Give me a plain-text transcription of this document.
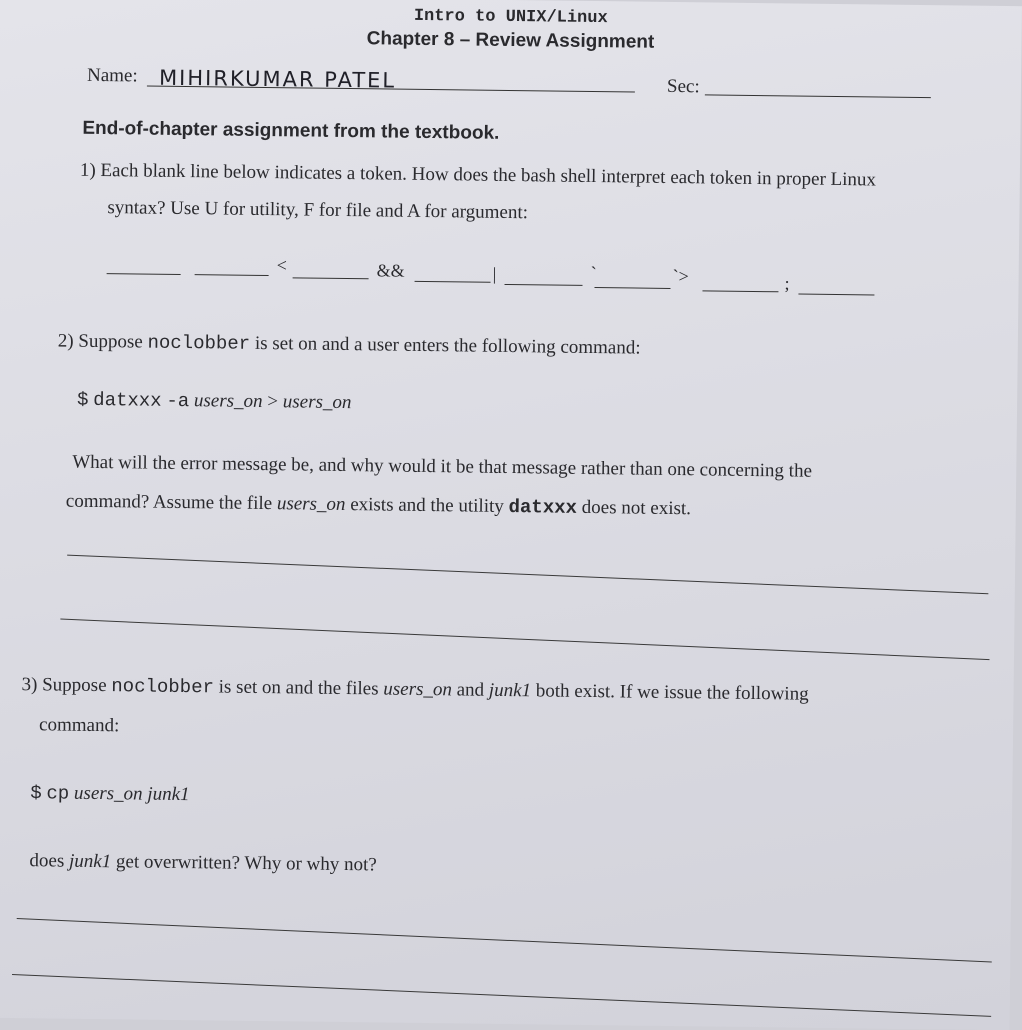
Intro to UNIX/Linux
Chapter 8 – Review Assignment
Name: MIHIRKUMAR PATEL	Sec:
End-of-chapter assignment from the textbook.
1) Each blank line below indicates a token. How does the bash shell interpret each token in proper Linux
syntax? Use U for utility, F for file and A for argument:
<	&&	|	`	`>	;
2) Suppose noclobber is set on and a user enters the following command:
$ datxxx -a users_on > users_on
What will the error message be, and why would it be that message rather than one concerning the
command? Assume the file users_on exists and the utility datxxx does not exist.
3) Suppose noclobber is set on and the files users_on and junk1 both exist. If we issue the following
command:
$ cp users_on junk1
does junk1 get overwritten? Why or why not?
